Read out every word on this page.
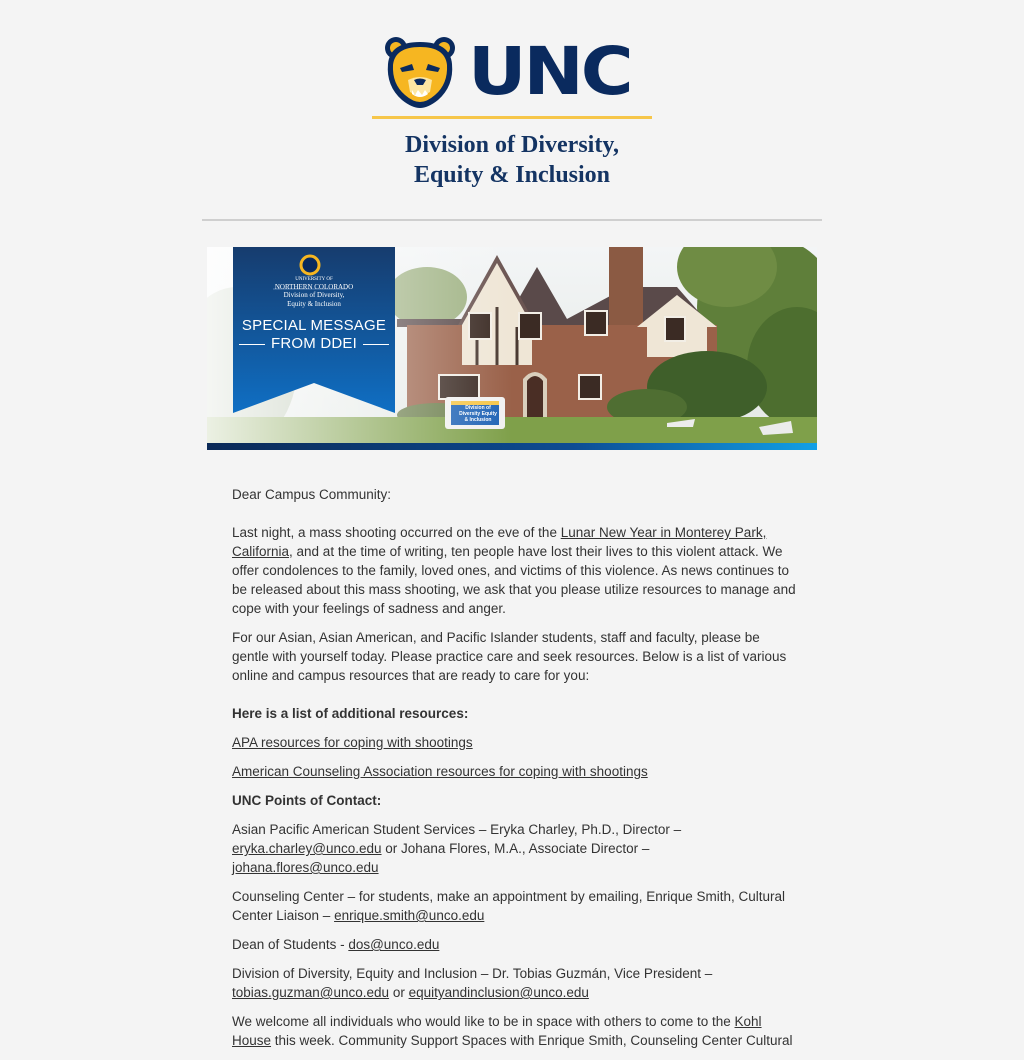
UNC
Division of Diversity,
Equity & Inclusion
UNIVERSITY OF
NORTHERN COLORADO
Division of Diversity,
Equity & Inclusion
SPECIAL MESSAGE
FROM DDEI
Division of Diversity Equity & Inclusion

Dear Campus Community:

Last night, a mass shooting occurred on the eve of the Lunar New Year in Monterey Park, California, and at the time of writing, ten people have lost their lives to this violent attack. We offer condolences to the family, loved ones, and victims of this violence. As news continues to be released about this mass shooting, we ask that you please utilize resources to manage and cope with your feelings of sadness and anger.

For our Asian, Asian American, and Pacific Islander students, staff and faculty, please be gentle with yourself today. Please practice care and seek resources. Below is a list of various online and campus resources that are ready to care for you:

Here is a list of additional resources:

APA resources for coping with shootings

American Counseling Association resources for coping with shootings

UNC Points of Contact:

Asian Pacific American Student Services – Eryka Charley, Ph.D., Director – eryka.charley@unco.edu or Johana Flores, M.A., Associate Director – johana.flores@unco.edu

Counseling Center – for students, make an appointment by emailing, Enrique Smith, Cultural Center Liaison – enrique.smith@unco.edu

Dean of Students - dos@unco.edu

Division of Diversity, Equity and Inclusion – Dr. Tobias Guzmán, Vice President – tobias.guzman@unco.edu or equityandinclusion@unco.edu

We welcome all individuals who would like to be in space with others to come to the Kohl House this week. Community Support Spaces with Enrique Smith, Counseling Center Cultural
